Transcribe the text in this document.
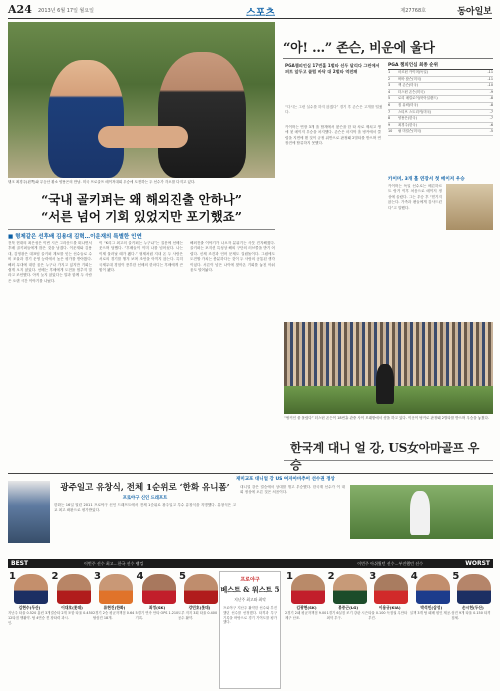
A24 2013년 6월 17일 월요일	스포츠	제27768호	동아일보
탱크 최경주(왼쪽)와 무등산 황소 양용은의 만남. 미국 프로골프 메이저대회 우승에 도전하는 두 선수가 각오를 다지고 있다.
“국내 골키퍼는 왜 해외진출 안하나”
“서른 넘어 기회 있었지만 포기했죠”
■ 형제같은 선후배 김용대 김혁…이운재의 특별한 인연
전북 현대의 최은성은 이번 시즌 그라운드를 떠나면서 후배 골키퍼들에게 많은 것을 남겼다. 이운재와 김용대, 김영광은 대표팀 골키퍼 계보를 잇는 선수들로 수비 조율과 경기 운영 능력에서 높은 평가를 받아왔다. 해외 무대에 대한 꿈은 누구나 가지고 있지만 기회는 쉽게 오지 않았다. 선배는 후배에게 도전을 멈추지 말라고 조언했다. 아직 늦지 않았다는 말과 함께 두 사람은 오랜 시간 이야기를 나눴다.
이 “K리그 최고의 골키퍼는 누구냐”는 질문에 선배는 웃으며 답했다. “후배들이 이미 나를 넘어섰다. 나는 이제 물러날 때가 됐다.” 형제처럼 지내 온 두 사람은 서로의 경기를 챙겨 보며 조언을 아끼지 않는다. 특히 국제무대 경험이 풍부한 선배의 한마디는 후배에게 큰 힘이 됐다.
해외진출 이야기가 나오자 분위기는 사뭇 진지해졌다. 골키퍼는 포지션 특성상 해외 구단의 러브콜을 받기 어렵다. 신체 조건과 언어 문제도 걸림돌이다. 그럼에도 도전할 가치는 충분하다는 것이 두 사람의 공통된 생각이었다. 서른이 넘은 나이에 찾아온 기회를 놓친 아쉬움도 털어놨다.
“아! …” 존슨, 비운에 울다
PGA챔피언십 17번홀 1벌타 선두 달리다 그린에서 퍼트 앞두고 클럽 바닥 대 2벌타 역전패
“다시는 그런 실수를 하지 않겠다” 경기 후 존슨은 고개를 떨궜다.
PGA 챔피언십 최종 순위
1	마르틴 카이머(독일)	-11
2	버바 왓슨(미국)	-11
3	잭 존슨(미국)	-10
4	더스틴 존슨(미국)	-9
5	로리 매킬로이(북아일랜드)	-8
6	짐 퓨릭(미국)	-8
7	스티브 스트리커(미국)	-7
8	양용은(한국)	-7
9	최경주(한국)	-6
10	필 미컬슨(미국)	-5
카이머는 연장 3개 홀 합계에서 왓슨을 한 타 차로 제치고 생애 첫 메이저 우승을 차지했다. 존슨은 마지막 홀 벙커에서 클럽을 지면에 댄 것이 규정 위반으로 판정돼 2벌타를 받으며 연장전에 합류하지 못했다.
카이머, 3개 홀 연장서 첫 메이저 우승
카이머는 독일 선수로는 베른하르트 랑거 이후 처음으로 메이저 정상에 올랐다. 그는 우승 후 “믿기지 않는다. 가족과 팬들에게 감사드린다”고 말했다.
“벙커인 줄 몰랐다” 더스틴 존슨이 18번홀 관중 사이 모래밭에서 샷을 하고 있다. 이곳이 벙커로 판정돼 2벌타를 받으며 우승을 놓쳤다.
한국계 대니 얼 강, US女아마골프 우승
광주일고 유창식, 전체 1순위로 ‘한화 유니폼’
프로야구 신인 드래프트
한화는 16일 열린 2011 프로야구 신인 드래프트에서 전체 1순위로 광주일고 투수 유창식을 지명했다. 유창식은 고교 최고 좌완으로 평가받았다.
재미교포 대니얼 강 US 여자아마추어 선수권 정상
대니얼 강은 결승에서 상대를 꺾고 우승했다. 한국계 선수가 이 대회 정상에 오른 것은 처음이다.
BEST	이번주 선수 최고…한국 선수 랭킹	이번주 아쉬웠던 선수…부진했던 선수	WORST
1
김현수(두산)
지난주 타율 0.520 홈런 3개 12타점 맹활약. 팀 4연승 견인.
2
이대호(롯데)
결승타 2개 포함 타율 0.450 장타력 과시.
3
류현진(한화)
2경기 2승 평균자책점 0.64 탈삼진 18개.
4
최정(SK)
5경기 연속 안타 OPS 1.210 기록.
5
강민호(롯데)
도루 저지 3회 타율 0.400 공수 활약.
1
김광현(SK)
2경기 2패 평균자책점 9.00 제구 난조.
2
봉중근(LG)
1경기 6실점 조기 강판 시즌 최악 투구.
3
이용규(KIA)
타율 0.100 득점권 무안타 부진.
4
박석민(삼성)
실책 3개 팀 패배 원인 제공.
5
손시헌(두산)
삼진 9개 타율 0.150 타격 침체.
프로야구
베스트 & 워스트 5
지난주 최고와 최악
프로야구 지난주 활약한 선수와 부진했던 선수를 선정했다. 타격과 투구 기록을 바탕으로 경기 기여도를 평가했다.
